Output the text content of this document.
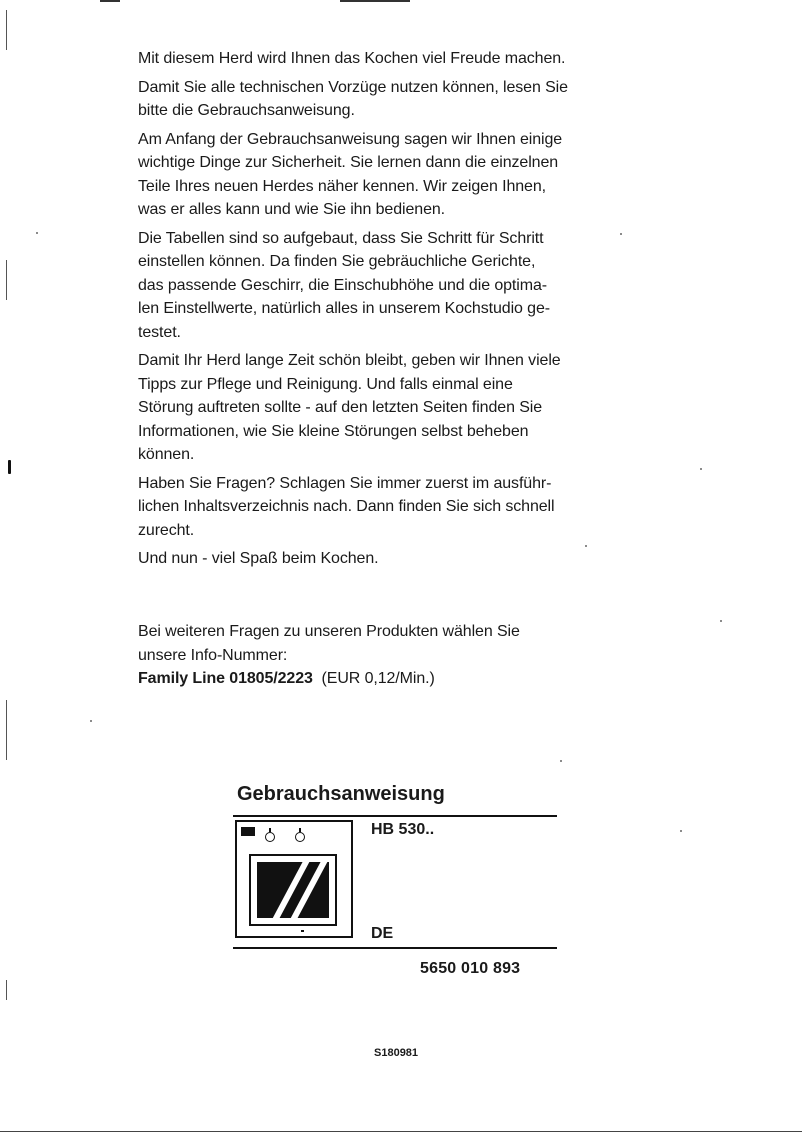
Mit diesem Herd wird Ihnen das Kochen viel Freude machen.

Damit Sie alle technischen Vorzüge nutzen können, lesen Sie
bitte die Gebrauchsanweisung.

Am Anfang der Gebrauchsanweisung sagen wir Ihnen einige
wichtige Dinge zur Sicherheit. Sie lernen dann die einzelnen
Teile Ihres neuen Herdes näher kennen. Wir zeigen Ihnen,
was er alles kann und wie Sie ihn bedienen.

Die Tabellen sind so aufgebaut, dass Sie Schritt für Schritt
einstellen können. Da finden Sie gebräuchliche Gerichte,
das passende Geschirr, die Einschubhöhe und die optima-
len Einstellwerte, natürlich alles in unserem Kochstudio ge-
testet.

Damit Ihr Herd lange Zeit schön bleibt, geben wir Ihnen viele
Tipps zur Pflege und Reinigung. Und falls einmal eine
Störung auftreten sollte - auf den letzten Seiten finden Sie
Informationen, wie Sie kleine Störungen selbst beheben
können.

Haben Sie Fragen? Schlagen Sie immer zuerst im ausführ-
lichen Inhaltsverzeichnis nach. Dann finden Sie sich schnell
zurecht.

Und nun - viel Spaß beim Kochen.

Bei weiteren Fragen zu unseren Produkten wählen Sie
unsere Info-Nummer:
Family Line 01805/2223 (EUR 0,12/Min.)
Gebrauchsanweisung
HB 530..
DE
5650 010 893
S180981
